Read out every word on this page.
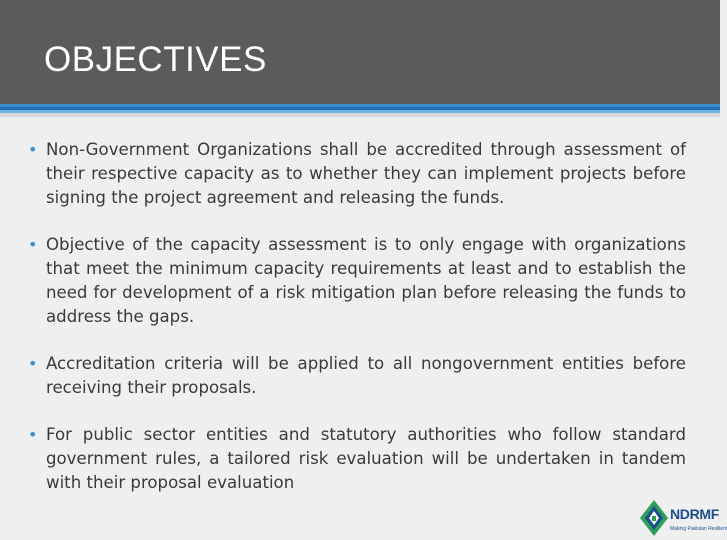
OBJECTIVES
• Non-Government Organizations shall be accredited through assessment of their respective capacity as to whether they can implement projects before signing the project agreement and releasing the funds.
• Objective of the capacity assessment is to only engage with organizations that meet the minimum capacity requirements at least and to establish the need for development of a risk mitigation plan before releasing the funds to address the gaps.
• Accreditation criteria will be applied to all nongovernment entities before receiving their proposals.
• For public sector entities and statutory authorities who follow standard government rules, a tailored risk evaluation will be undertaken in tandem with their proposal evaluation
NDRMF
Making Pakistan Resilient
